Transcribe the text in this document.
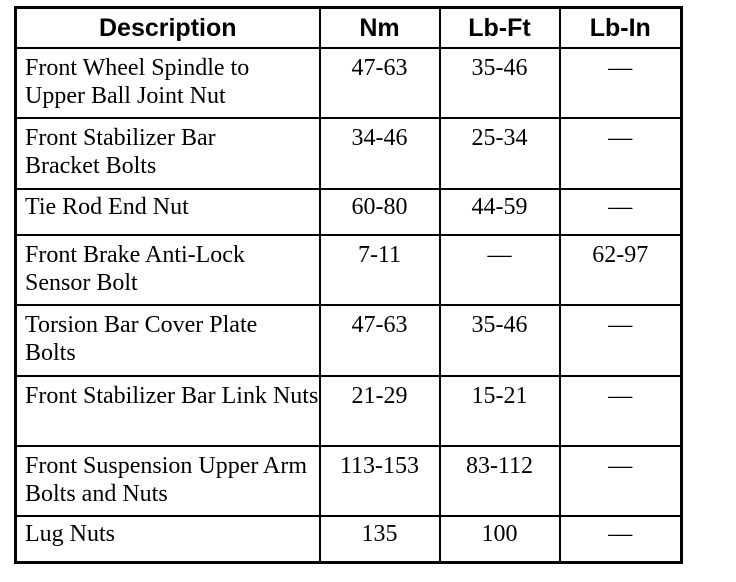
Description	Nm	Lb-Ft	Lb-In
Front Wheel Spindle to Upper Ball Joint Nut	47-63	35-46	—
Front Stabilizer Bar Bracket Bolts	34-46	25-34	—
Tie Rod End Nut	60-80	44-59	—
Front Brake Anti-Lock Sensor Bolt	7-11	—	62-97
Torsion Bar Cover Plate Bolts	47-63	35-46	—
Front Stabilizer Bar Link Nuts	21-29	15-21	—
Front Suspension Upper Arm Bolts and Nuts	113-153	83-112	—
Lug Nuts	135	100	—
